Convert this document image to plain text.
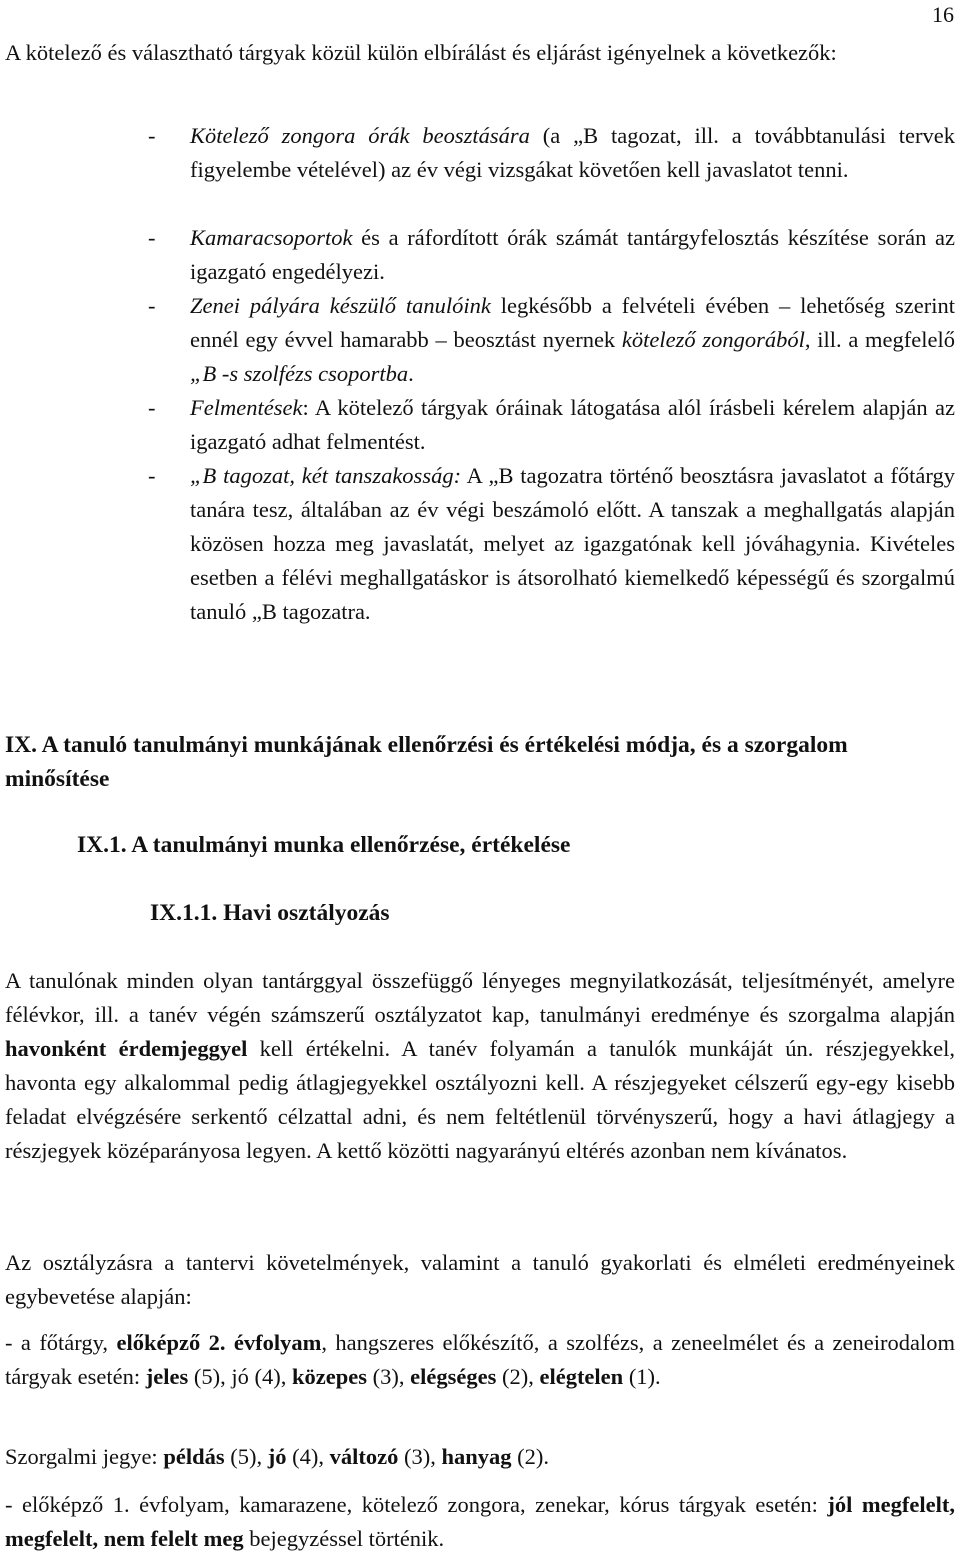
16

A kötelező és választható tárgyak közül külön elbírálást és eljárást igényelnek a következők:

- Kötelező zongora órák beosztására (a „B tagozat, ill. a továbbtanulási tervek figyelembe vételével) az év végi vizsgákat követően kell javaslatot tenni.
- Kamaracsoportok és a ráfordított órák számát tantárgyfelosztás készítése során az igazgató engedélyezi.
- Zenei pályára készülő tanulóink legkésőbb a felvételi évében – lehetőség szerint ennél egy évvel hamarabb – beosztást nyernek kötelező zongorából, ill. a megfelelő „B -s szolfézs csoportba.
- Felmentések: A kötelező tárgyak óráinak látogatása alól írásbeli kérelem alapján az igazgató adhat felmentést.
- „B tagozat, két tanszakosság: A „B tagozatra történő beosztásra javaslatot a főtárgy tanára tesz, általában az év végi beszámoló előtt. A tanszak a meghallgatás alapján közösen hozza meg javaslatát, melyet az igazgatónak kell jóváhagynia. Kivételes esetben a félévi meghallgatáskor is átsorolható kiemelkedő képességű és szorgalmú tanuló „B tagozatra.
IX. A tanuló tanulmányi munkájának ellenőrzési és értékelési módja, és a szorgalom minősítése
IX.1. A tanulmányi munka ellenőrzése, értékelése
IX.1.1. Havi osztályozás

A tanulónak minden olyan tantárggyal összefüggő lényeges megnyilatkozását, teljesítményét, amelyre félévkor, ill. a tanév végén számszerű osztályzatot kap, tanulmányi eredménye és szorgalma alapján havonként érdemjeggyel kell értékelni. A tanév folyamán a tanulók munkáját ún. részjegyekkel, havonta egy alkalommal pedig átlagjegyekkel osztályozni kell. A részjegyeket célszerű egy-egy kisebb feladat elvégzésére serkentő célzattal adni, és nem feltétlenül törvényszerű, hogy a havi átlagjegy a részjegyek középarányosa legyen. A kettő közötti nagyarányú eltérés azonban nem kívánatos.

Az osztályzásra a tantervi követelmények, valamint a tanuló gyakorlati és elméleti eredményeinek egybevetése alapján:

- a főtárgy, előképző 2. évfolyam, hangszeres előkészítő, a szolfézs, a zeneelmélet és a zeneirodalom tárgyak esetén: jeles (5), jó (4), közepes (3), elégséges (2), elégtelen (1).

Szorgalmi jegye: példás (5), jó (4), változó (3), hanyag (2).

- előképző 1. évfolyam, kamarazene, kötelező zongora, zenekar, kórus tárgyak esetén: jól megfelelt, megfelelt, nem felelt meg bejegyzéssel történik.
